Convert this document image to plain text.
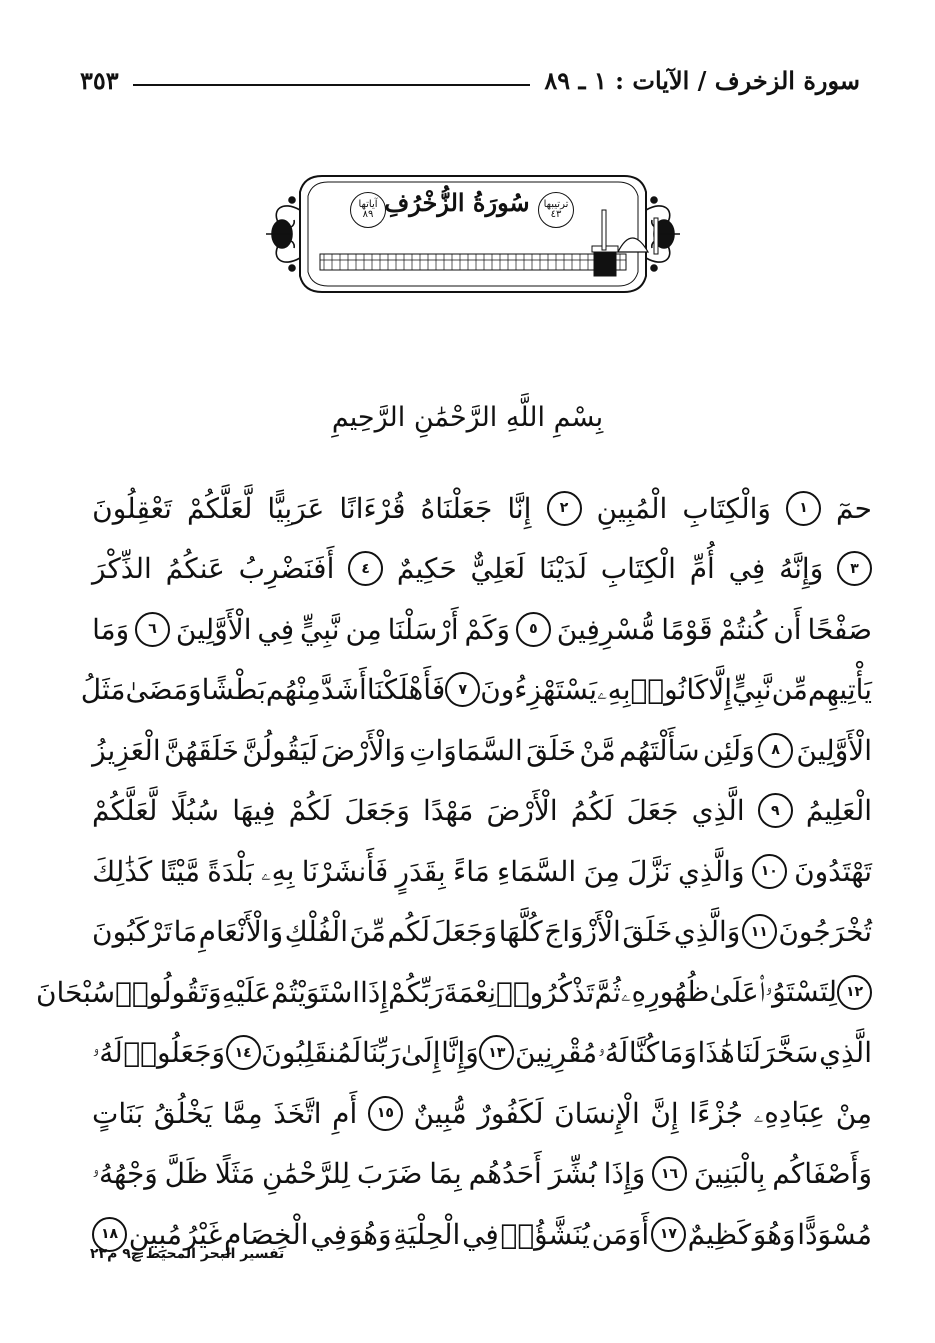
سورة الزخرف / الآيات : ١ ـ ٨٩
٣٥٣
آياتها
٨٩ سُورَةُ الزُّخْرُفِ ترتيبها
٤٣
بِسْمِ اللَّهِ الرَّحْمَٰنِ الرَّحِيمِ
حمٓ
١
وَالْكِتَابِ
الْمُبِينِ
٢
إِنَّا
جَعَلْنَاهُ
قُرْءَانًا
عَرَبِيًّا
لَّعَلَّكُمْ
تَعْقِلُونَ
٣
وَإِنَّهُ
فِي
أُمِّ
الْكِتَابِ
لَدَيْنَا
لَعَلِيٌّ
حَكِيمٌ
٤
أَفَنَضْرِبُ
عَنكُمُ
الذِّكْرَ
صَفْحًا
أَن
كُنتُمْ
قَوْمًا
مُّسْرِفِينَ
٥
وَكَمْ
أَرْسَلْنَا
مِن
نَّبِيٍّ
فِي
الْأَوَّلِينَ
٦
وَمَا
يَأْتِيهِم
مِّن
نَّبِيٍّ
إِلَّا
كَانُوا۟
بِهِۦ
يَسْتَهْزِءُونَ
٧
فَأَهْلَكْنَا
أَشَدَّ
مِنْهُم
بَطْشًا
وَمَضَىٰ
مَثَلُ
الْأَوَّلِينَ
٨
وَلَئِن
سَأَلْتَهُم
مَّنْ
خَلَقَ
السَّمَاوَاتِ
وَالْأَرْضَ
لَيَقُولُنَّ
خَلَقَهُنَّ
الْعَزِيزُ
الْعَلِيمُ
٩
الَّذِي
جَعَلَ
لَكُمُ
الْأَرْضَ
مَهْدًا
وَجَعَلَ
لَكُمْ
فِيهَا
سُبُلًا
لَّعَلَّكُمْ
تَهْتَدُونَ
١٠
وَالَّذِي
نَزَّلَ
مِنَ
السَّمَاءِ
مَاءً
بِقَدَرٍ
فَأَنشَرْنَا
بِهِۦ
بَلْدَةً
مَّيْتًا
كَذَٰلِكَ
تُخْرَجُونَ
١١
وَالَّذِي
خَلَقَ
الْأَزْوَاجَ
كُلَّهَا
وَجَعَلَ
لَكُم
مِّنَ
الْفُلْكِ
وَالْأَنْعَامِ
مَا
تَرْكَبُونَ
١٢
لِتَسْتَوُۥا۟
عَلَىٰ
ظُهُورِهِۦ
ثُمَّ
تَذْكُرُوا۟
نِعْمَةَ
رَبِّكُمْ
إِذَا
اسْتَوَيْتُمْ
عَلَيْهِ
وَتَقُولُوا۟
سُبْحَانَ
الَّذِي
سَخَّرَ
لَنَا
هَٰذَا
وَمَا
كُنَّا
لَهُۥ
مُقْرِنِينَ
١٣
وَإِنَّا
إِلَىٰ
رَبِّنَا
لَمُنقَلِبُونَ
١٤
وَجَعَلُوا۟
لَهُۥ
مِنْ
عِبَادِهِۦ
جُزْءًا
إِنَّ
الْإِنسَانَ
لَكَفُورٌ
مُّبِينٌ
١٥
أَمِ
اتَّخَذَ
مِمَّا
يَخْلُقُ
بَنَاتٍ
وَأَصْفَاكُم
بِالْبَنِينَ
١٦
وَإِذَا
بُشِّرَ
أَحَدُهُم
بِمَا
ضَرَبَ
لِلرَّحْمَٰنِ
مَثَلًا
ظَلَّ
وَجْهُهُۥ
مُسْوَدًّا
وَهُوَ
كَظِيمٌ
١٧
أَوَمَن
يُنَشَّؤُا۟
فِي
الْحِلْيَةِ
وَهُوَ
فِي
الْخِصَامِ
غَيْرُ
مُبِينٍ
١٨
تفسير البحر المحيط ج٩ م٢٣
